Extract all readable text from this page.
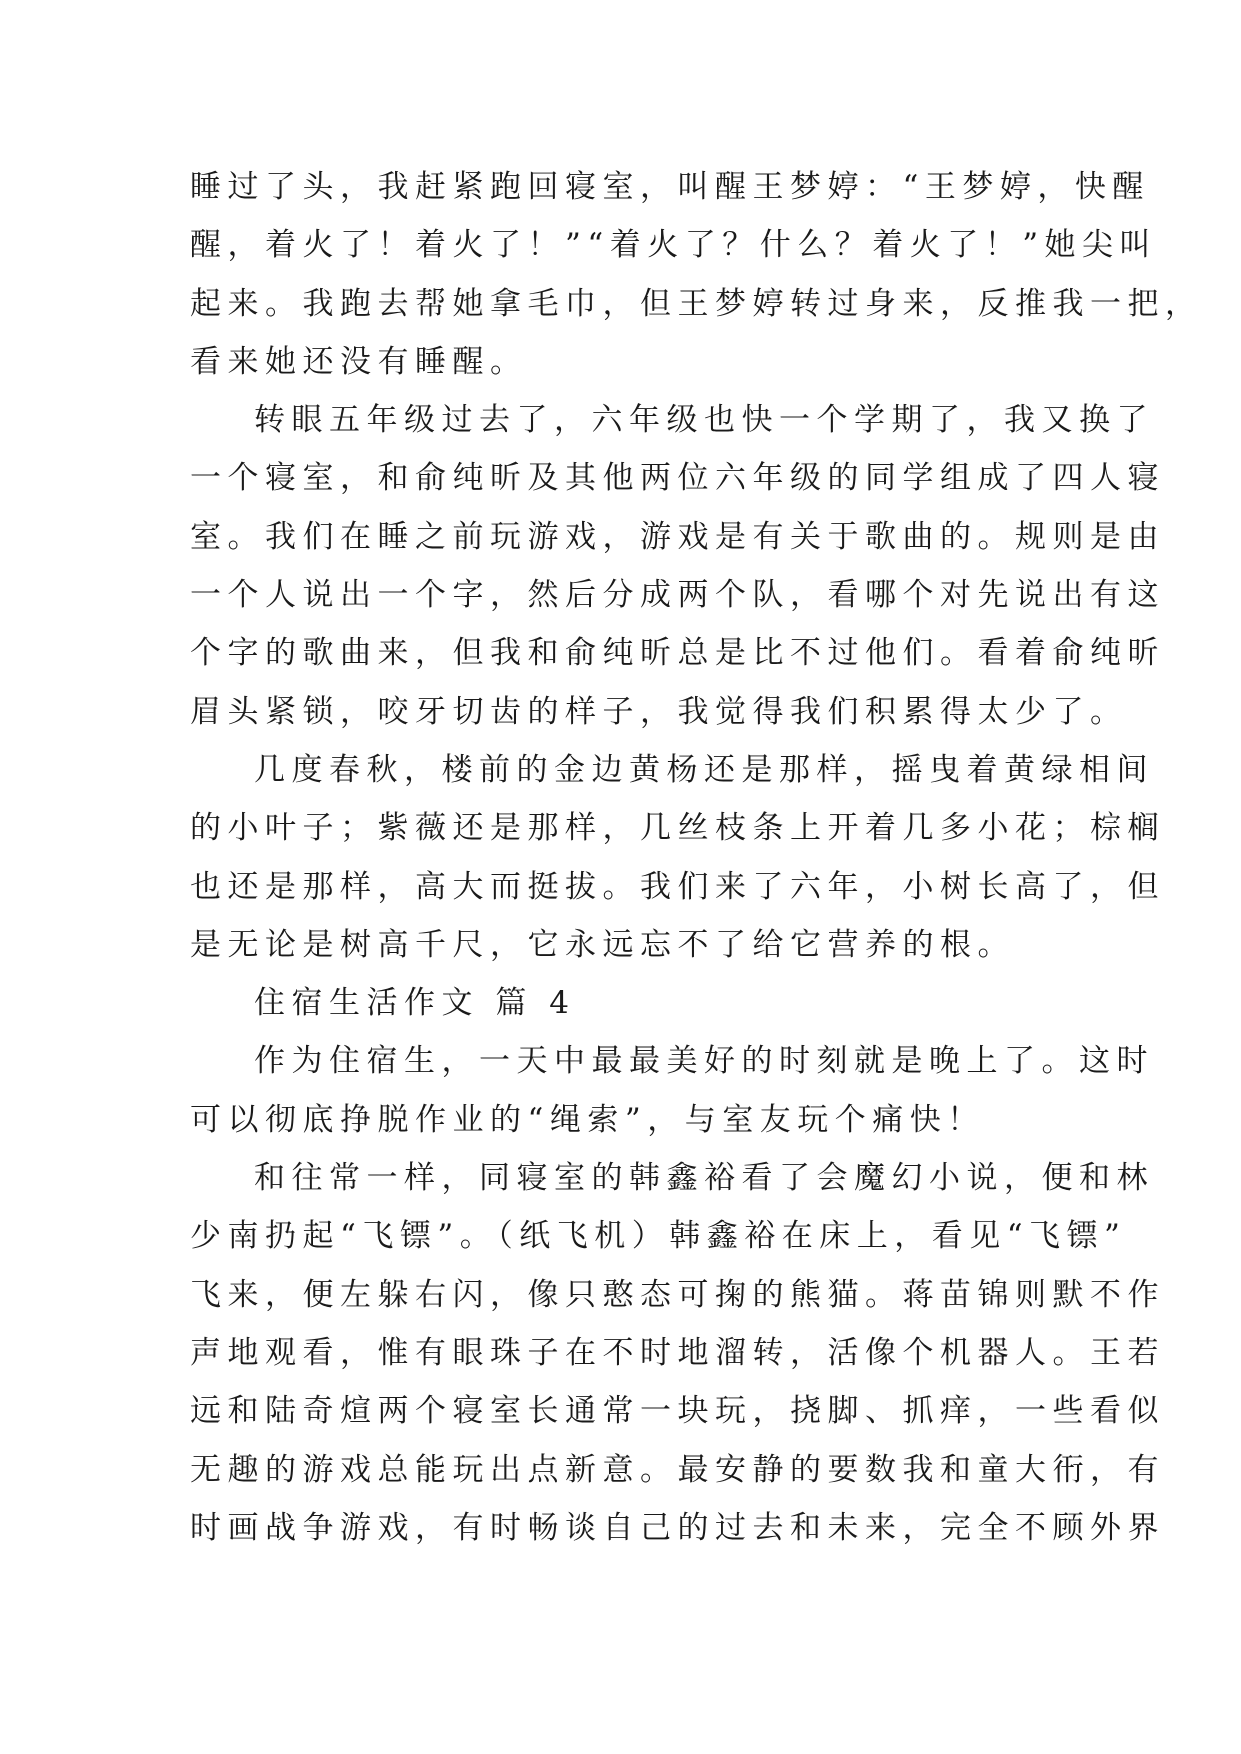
睡过了头，我赶紧跑回寝室，叫醒王梦婷：“王梦婷，快醒
醒，着火了！着火了！”“着火了？什么？着火了！”她尖叫
起来。我跑去帮她拿毛巾，但王梦婷转过身来，反推我一把，
看来她还没有睡醒。
转眼五年级过去了，六年级也快一个学期了，我又换了
一个寝室，和俞纯昕及其他两位六年级的同学组成了四人寝
室。我们在睡之前玩游戏，游戏是有关于歌曲的。规则是由
一个人说出一个字，然后分成两个队，看哪个对先说出有这
个字的歌曲来，但我和俞纯昕总是比不过他们。看着俞纯昕
眉头紧锁，咬牙切齿的样子，我觉得我们积累得太少了。
几度春秋，楼前的金边黄杨还是那样，摇曳着黄绿相间
的小叶子；紫薇还是那样，几丝枝条上开着几多小花；棕榈
也还是那样，高大而挺拔。我们来了六年，小树长高了，但
是无论是树高千尺，它永远忘不了给它营养的根。
住宿生活作文 篇 4
作为住宿生，一天中最最美好的时刻就是晚上了。这时
可以彻底挣脱作业的“绳索”，与室友玩个痛快！
和往常一样，同寝室的韩鑫裕看了会魔幻小说，便和林
少南扔起“飞镖”。（纸飞机）韩鑫裕在床上，看见“飞镖”
飞来，便左躲右闪，像只憨态可掬的熊猫。蒋苗锦则默不作
声地观看，惟有眼珠子在不时地溜转，活像个机器人。王若
远和陆奇煊两个寝室长通常一块玩，挠脚、抓痒，一些看似
无趣的游戏总能玩出点新意。最安静的要数我和童大衎，有
时画战争游戏，有时畅谈自己的过去和未来，完全不顾外界
